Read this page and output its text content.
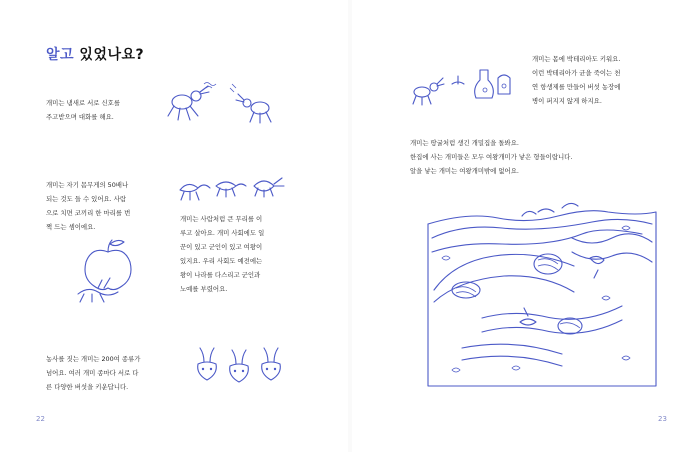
알고 있었나요?
개미는 냄새로 서로 신호를
주고받으며 대화를 해요.
개미는 자기 몸무게의 50배나
되는 것도 들 수 있어요. 사람
으로 치면 코끼리 한 마리를 번
쩍 드는 셈이에요.
개미는 사람처럼 큰 무리를 이
루고 살아요. 개미 사회에도 일
꾼이 있고 군인이 있고 여왕이
있지요. 우리 사회도 예전에는
왕이 나라를 다스리고 군인과
노예를 부렸어요.
농사를 짓는 개미는 200여 종류가
넘어요. 여러 개미 종마다 서로 다
른 다양한 버섯을 키운답니다.
22
개미는 몸에 박테리아도 키워요.
이런 박테리아가 균을 죽이는 천
연 항생제를 만들어 버섯 농장에
병이 퍼지지 않게 하지요.
개미는 땅굴처럼 생긴 개밀집을 돌봐요.
한집에 사는 개미들은 모두 여왕개미가 낳은 형들이랍니다.
알을 낳는 개미는 여왕개미밖에 없어요.
23
